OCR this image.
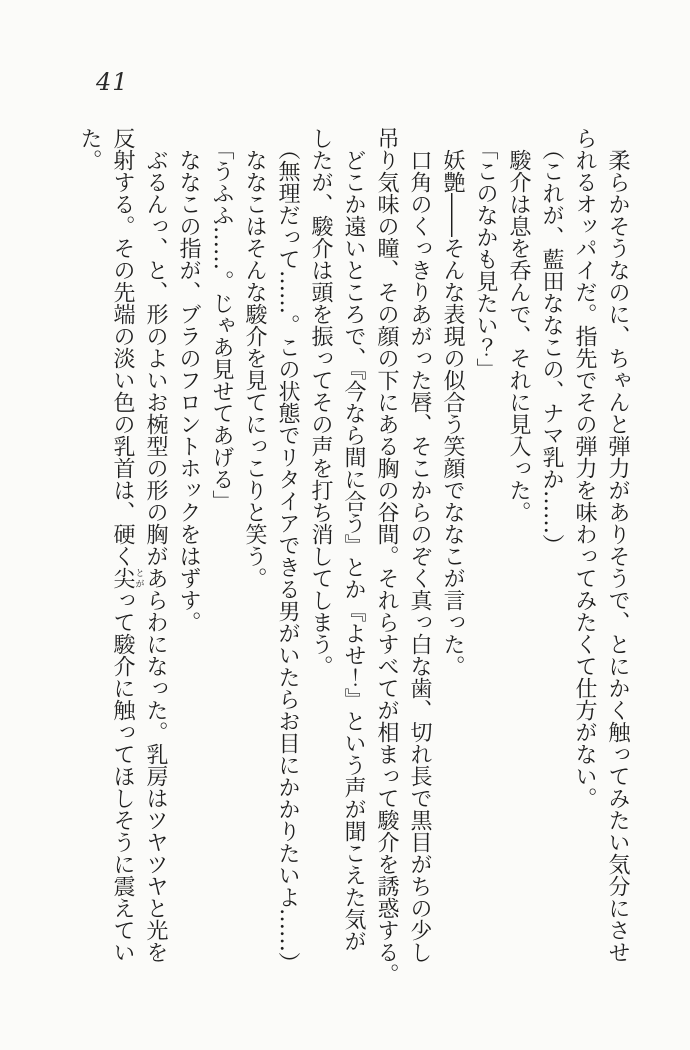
41

柔らかそうなのに、ちゃんと弾力がありそうで、とにかく触ってみたい気分にさせ
られるオッパイだ。指先でその弾力を味わってみたくて仕方がない。

（これが、藍田ななこの、ナマ乳か……）

駿介は息を呑んで、それに見入った。

「このなかも見たい？」

妖艶――そんな表現の似合う笑顔でななこが言った。

口角のくっきりあがった唇、そこからのぞく真っ白な歯、切れ長で黒目がちの少し
吊り気味の瞳、その顔の下にある胸の谷間。それらすべてが相まって駿介を誘惑する。

どこか遠いところで、『今なら間に合う』とか『よせ！』という声が聞こえた気が
したが、駿介は頭を振ってその声を打ち消してしまう。

（無理だって……。この状態でリタイアできる男がいたらお目にかかりたいよ……）

ななこはそんな駿介を見てにっこりと笑う。

「うふふ……。じゃあ見せてあげる」

ななこの指が、ブラのフロントホックをはずす。

ぶるんっ、と、形のよいお椀型の形の胸があらわになった。乳房はツヤツヤと光を
反射する。その先端の淡い色の乳首は、硬く尖とがって駿介に触ってほしそうに震えてい
た。
